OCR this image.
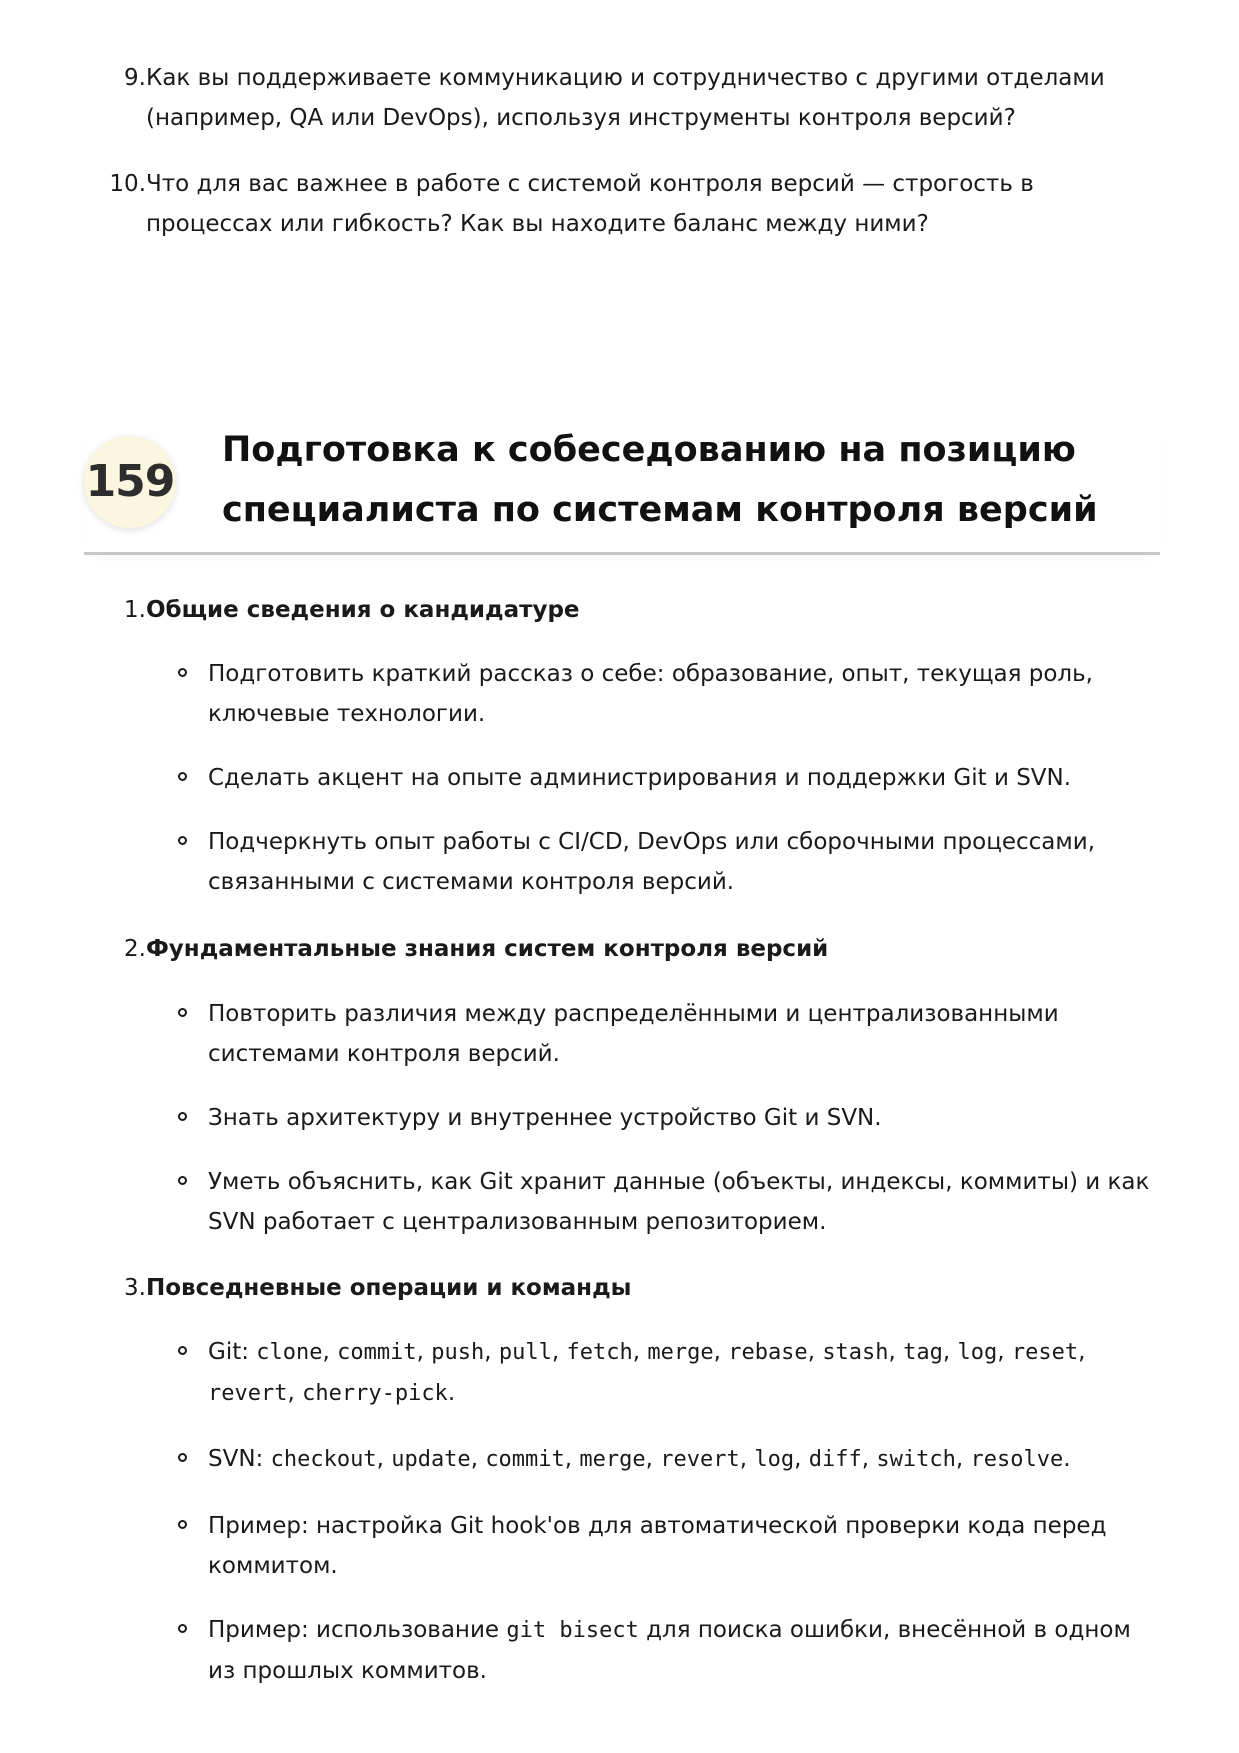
9. Как вы поддерживаете коммуникацию и сотрудничество с другими отделами (например, QA или DevOps), используя инструменты контроля версий?
10. Что для вас важнее в работе с системой контроля версий — строгость в процессах или гибкость? Как вы находите баланс между ними?
159
Подготовка к собеседованию на позицию
специалиста по системам контроля версий
1. Общие сведения о кандидатуре
Подготовить краткий рассказ о себе: образование, опыт, текущая роль, ключевые технологии.
Сделать акцент на опыте администрирования и поддержки Git и SVN.
Подчеркнуть опыт работы с CI/CD, DevOps или сборочными процессами, связанными с системами контроля версий.
2. Фундаментальные знания систем контроля версий
Повторить различия между распределёнными и централизованными системами контроля версий.
Знать архитектуру и внутреннее устройство Git и SVN.
Уметь объяснить, как Git хранит данные (объекты, индексы, коммиты) и как SVN работает с централизованным репозиторием.
3. Повседневные операции и команды
Git: clone, commit, push, pull, fetch, merge, rebase, stash, tag, log, reset, revert, cherry-pick.
SVN: checkout, update, commit, merge, revert, log, diff, switch, resolve.
Пример: настройка Git hook'ов для автоматической проверки кода перед коммитом.
Пример: использование git bisect для поиска ошибки, внесённой в одном из прошлых коммитов.
